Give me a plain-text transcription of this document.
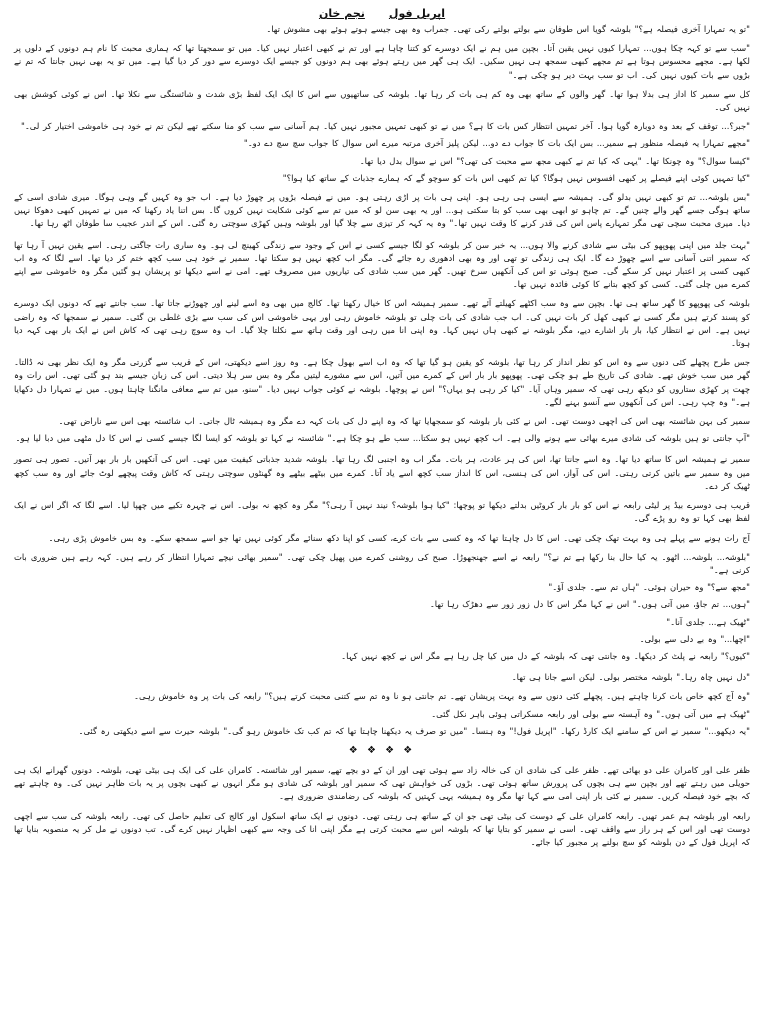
اپریل فول
نجم خان

"تو یہ تمہارا آخری فیصلہ ہے؟" بلوشہ گویا اس طوفان سے بولتے بولتے رکی تھی۔ جمراب وہ بھی جیسے ہوتے ہوئے بھی مشوش تھا۔

"سب سے تو کہہ چکا ہوں... تمہارا کیوں نہیں یقین آتا۔ بچپن میں ہم نے ایک دوسرے کو کتنا چاہا ہے اور تم نے کبھی اعتبار نہیں کیا۔ میں تو سمجھتا تھا کہ ہماری محبت کا نام ہم دونوں کے دلوں پر لکھا ہے۔ مجھے محسوس ہوتا ہے تم مجھے کبھی سمجھ ہی نہیں سکیں۔ ایک ہی گھر میں رہتے ہوئے بھی ہم دونوں کو جیسے ایک دوسرے سے دور کر دیا گیا ہے۔ میں تو یہ بھی نہیں جانتا کہ تم نے بڑوں سے بات کیوں نہیں کی۔ اب تو سب بہت دیر ہو چکی ہے۔"

کل سے سمیر کا اداز ہی بدلا ہوا تھا۔ گھر والوں کے ساتھ بھی وہ کم ہی بات کر رہا تھا۔ بلوشہ کی ساتھیوں سے اس کا ایک ایک لفظ بڑی شدت و شائستگی سے نکلا تھا۔ اس نے کوئی کوشش بھی نہیں کی۔

"جبر؟... توقف کے بعد وہ دوبارہ گویا ہوا۔ آخر تمہیں انتظار کس بات کا ہے؟ میں نے تو کبھی تمہیں مجبور نہیں کیا۔ ہم آسانی سے سب کو منا سکتے تھے لیکن تم نے خود ہی خاموشی اختیار کر لی۔"

"مجھے تمہارا یہ فیصلہ منظور ہے سمیر... بس ایک بات کا جواب دے دو... لیکن پلیز آخری مرتبہ میرے اس سوال کا جواب سچ سچ دے دو۔"

"کیسا سوال؟" وہ چونکا تھا۔ "یہی کہ کیا تم نے کبھی مجھ سے محبت کی تھی؟" اس نے سوال بدل دیا تھا۔

"کیا تمہیں کوئی اپنے فیصلے پر کبھی افسوس نہیں ہوگا؟ کیا تم کبھی اس بات کو سوچو گے کہ ہمارے جذبات کے ساتھ کیا ہوا؟"

"بس بلوشہ... تم تو کبھی نہیں بدلو گی۔ ہمیشہ سے ایسی ہی رہی ہو۔ اپنی ہی بات پر اڑی رہتی ہو۔ میں نے فیصلہ بڑوں پر چھوڑ دیا ہے۔ اب جو وہ کہیں گے وہی ہوگا۔ میری شادی اسی کے ساتھ ہوگی جسے گھر والے چنیں گے۔ تم چاہو تو ابھی بھی سب کو بتا سکتی ہو... اور یہ بھی سن لو کہ میں تم سے کوئی شکایت نہیں کروں گا۔ بس اتنا یاد رکھنا کہ میں نے تمہیں کبھی دھوکا نہیں دیا۔ میری محبت سچی تھی مگر تمہارے پاس اس کی قدر کرنے کا وقت نہیں تھا۔" وہ یہ کہہ کر تیزی سے چلا گیا اور بلوشہ وہیں کھڑی سوچتی رہ گئی۔ اس کے اندر عجیب سا طوفان اٹھ رہا تھا۔

"بہت جلد میں اپنی پھوپھو کی بیٹی سے شادی کرنے والا ہوں... یہ خبر سن کر بلوشہ کو لگا جیسے کسی نے اس کے وجود سے زندگی کھینچ لی ہو۔ وہ ساری رات جاگتی رہی۔ اسے یقین نہیں آ رہا تھا کہ سمیر اتنی آسانی سے اسے چھوڑ دے گا۔ ایک ہی زندگی تو تھی اور وہ بھی ادھوری رہ جائے گی۔ مگر اب کچھ نہیں ہو سکتا تھا۔ سمیر نے خود ہی سب کچھ ختم کر دیا تھا۔ اسے لگا کہ وہ اب کبھی کسی پر اعتبار نہیں کر سکے گی۔ صبح ہوئی تو اس کی آنکھیں سرخ تھیں۔ گھر میں سب شادی کی تیاریوں میں مصروف تھے۔ امی نے اسے دیکھا تو پریشان ہو گئیں مگر وہ خاموشی سے اپنے کمرے میں چلی گئی۔ کسی کو کچھ بتانے کا کوئی فائدہ نہیں تھا۔

بلوشہ کی پھوپھو کا گھر ساتھ ہی تھا۔ بچپن سے وہ سب اکٹھے کھیلتے آئے تھے۔ سمیر ہمیشہ اس کا خیال رکھتا تھا۔ کالج میں بھی وہ اسے لینے اور چھوڑنے جاتا تھا۔ سب جانتے تھے کہ دونوں ایک دوسرے کو پسند کرتے ہیں مگر کسی نے کبھی کھل کر بات نہیں کی۔ اب جب شادی کی بات چلی تو بلوشہ خاموش رہی اور یہی خاموشی اس کی سب سے بڑی غلطی بن گئی۔ سمیر نے سمجھا کہ وہ راضی نہیں ہے۔ اس نے انتظار کیا، بار بار اشارے دیے، مگر بلوشہ نے کبھی ہاں نہیں کہا۔ وہ اپنی انا میں رہی اور وقت ہاتھ سے نکلتا چلا گیا۔ اب وہ سوچ رہی تھی کہ کاش اس نے ایک بار بھی کہہ دیا ہوتا۔

جس طرح پچھلے کئی دنوں سے وہ اس کو نظر انداز کر رہا تھا، بلوشہ کو یقین ہو گیا تھا کہ وہ اب اسے بھول چکا ہے۔ وہ روز اسے دیکھتی، اس کے قریب سے گزرتی مگر وہ ایک نظر بھی نہ ڈالتا۔ گھر میں سب خوش تھے۔ شادی کی تاریخ طے ہو چکی تھی۔ پھوپھو بار بار اس کے کمرے میں آتیں، اس سے مشورے لیتیں مگر وہ بس سر ہلا دیتی۔ اس کی زبان جیسے بند ہو گئی تھی۔ اس رات وہ چھت پر کھڑی ستاروں کو دیکھ رہی تھی کہ سمیر وہاں آیا۔ "کیا کر رہی ہو یہاں؟" اس نے پوچھا۔ بلوشہ نے کوئی جواب نہیں دیا۔ "سنو، میں تم سے معافی مانگنا چاہتا ہوں۔ میں نے تمہارا دل دکھایا ہے۔" وہ چپ رہی۔ اس کی آنکھوں سے آنسو بہنے لگے۔

سمیر کی بہن شائستہ بھی اس کی اچھی دوست تھی۔ اس نے کئی بار بلوشہ کو سمجھایا تھا کہ وہ اپنے دل کی بات کہہ دے مگر وہ ہمیشہ ٹال جاتی۔ اب شائستہ بھی اس سے ناراض تھی۔

"آپ جانتی تو ہیں بلوشہ کی شادی میرے بھائی سے ہونے والی ہے۔ اب کچھ نہیں ہو سکتا... سب طے ہو چکا ہے۔" شائستہ نے کہا تو بلوشہ کو ایسا لگا جیسے کسی نے اس کا دل مٹھی میں دبا لیا ہو۔

سمیر نے ہمیشہ اس کا ساتھ دیا تھا۔ وہ اسے جانتا تھا، اس کی ہر عادت، ہر بات۔ مگر اب وہ اجنبی لگ رہا تھا۔ بلوشہ شدید جذباتی کیفیت میں تھی۔ اس کی آنکھیں بار بار بھر آتیں۔ تصور ہی تصور میں وہ سمیر سے باتیں کرتی رہتی۔ اس کی آواز، اس کی ہنسی، اس کا انداز سب کچھ اسے یاد آتا۔ کمرے میں بیٹھے بیٹھے وہ گھنٹوں سوچتی رہتی کہ کاش وقت پیچھے لوٹ جائے اور وہ سب کچھ ٹھیک کر دے۔

قریب ہی دوسرے بیڈ پر لیٹی رابعہ نے اس کو بار بار کروٹیں بدلتے دیکھا تو پوچھا: "کیا ہوا بلوشہ؟ نیند نہیں آ رہی؟" مگر وہ کچھ نہ بولی۔ اس نے چہرہ تکیے میں چھپا لیا۔ اسے لگا کہ اگر اس نے ایک لفظ بھی کہا تو وہ رو پڑے گی۔

آج رات ہونے سے پہلے ہی وہ بہت تھک چکی تھی۔ اس کا دل چاہتا تھا کہ وہ کسی سے بات کرے، کسی کو اپنا دکھ سنائے مگر کوئی نہیں تھا جو اسے سمجھ سکے۔ وہ بس خاموش پڑی رہی۔

"بلوشہ... بلوشہ... اٹھو۔ یہ کیا حال بنا رکھا ہے تم نے؟" رابعہ نے اسے جھنجھوڑا۔ صبح کی روشنی کمرے میں پھیل چکی تھی۔ "سمیر بھائی نیچے تمہارا انتظار کر رہے ہیں۔ کہہ رہے ہیں ضروری بات کرنی ہے۔"

"مجھ سے؟" وہ حیران ہوئی۔ "ہاں تم سے۔ جلدی آؤ۔"

"ہوں... تم جاؤ، میں آتی ہوں۔" اس نے کہا مگر اس کا دل زور زور سے دھڑک رہا تھا۔

"ٹھیک ہے... جلدی آنا۔"

"اچھا..." وہ بے دلی سے بولی۔

"کیوں؟" رابعہ نے پلٹ کر دیکھا۔ وہ جانتی تھی کہ بلوشہ کے دل میں کیا چل رہا ہے مگر اس نے کچھ نہیں کہا۔

"دل نہیں چاہ رہا۔" بلوشہ مختصر بولی۔ لیکن اسے جانا ہی تھا۔

"وہ آج کچھ خاص بات کرنا چاہتے ہیں۔ پچھلے کئی دنوں سے وہ بہت پریشان تھے۔ تم جانتی ہو نا وہ تم سے کتنی محبت کرتے ہیں؟" رابعہ کی بات پر وہ خاموش رہی۔

"ٹھیک ہے میں آتی ہوں۔" وہ آہستہ سے بولی اور رابعہ مسکراتی ہوئی باہر نکل گئی۔

"یہ دیکھو..." سمیر نے اس کے سامنے ایک کارڈ رکھا۔ "اپریل فول!" وہ ہنسا۔ "میں تو صرف یہ دیکھنا چاہتا تھا کہ تم کب تک خاموش رہو گی۔" بلوشہ حیرت سے اسے دیکھتی رہ گئی۔

❖ ❖ ❖ ❖

ظفر علی اور کامران علی دو بھائی تھے۔ ظفر علی کی شادی ان کی خالہ زاد سے ہوئی تھی اور ان کے دو بچے تھے، سمیر اور شائستہ۔ کامران علی کی ایک ہی بیٹی تھی، بلوشہ۔ دونوں گھرانے ایک ہی حویلی میں رہتے تھے اور بچپن سے ہی بچوں کی پرورش ساتھ ہوئی تھی۔ بڑوں کی خواہش تھی کہ سمیر اور بلوشہ کی شادی ہو مگر انہوں نے کبھی بچوں پر یہ بات ظاہر نہیں کی۔ وہ چاہتے تھے کہ بچے خود فیصلہ کریں۔ سمیر نے کئی بار اپنی امی سے کہا تھا مگر وہ ہمیشہ یہی کہتیں کہ بلوشہ کی رضامندی ضروری ہے۔

رابعہ اور بلوشہ ہم عمر تھیں۔ رابعہ کامران علی کے دوست کی بیٹی تھی جو ان کے ساتھ ہی رہتی تھی۔ دونوں نے ایک ساتھ اسکول اور کالج کی تعلیم حاصل کی تھی۔ رابعہ بلوشہ کی سب سے اچھی دوست تھی اور اس کے ہر راز سے واقف تھی۔ اسی نے سمیر کو بتایا تھا کہ بلوشہ اس سے محبت کرتی ہے مگر اپنی انا کی وجہ سے کبھی اظہار نہیں کرے گی۔ تب دونوں نے مل کر یہ منصوبہ بنایا تھا کہ اپریل فول کے دن بلوشہ کو سچ بولنے پر مجبور کیا جائے۔
